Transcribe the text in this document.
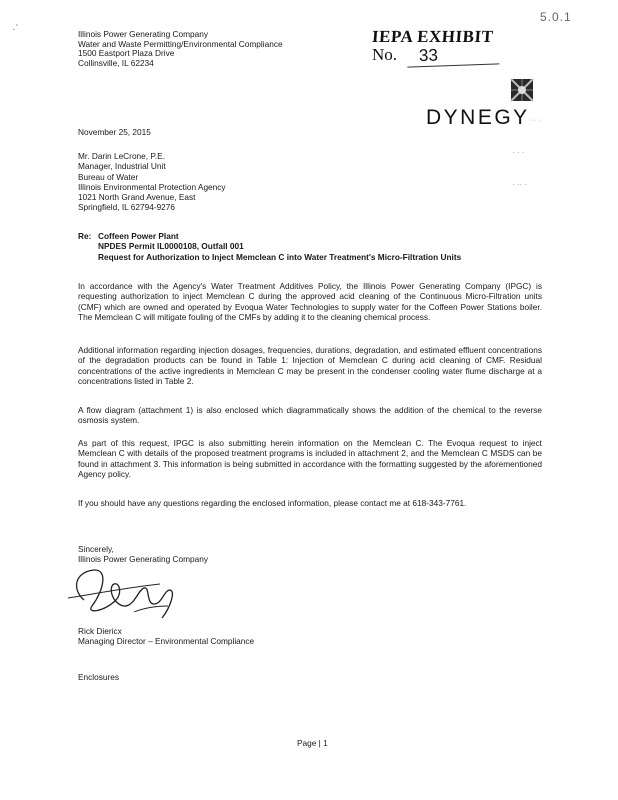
·`
5.0.1
Illinois Power Generating Company
Water and Waste Permitting/Environmental Compliance
1500 Eastport Plaza Drive
Collinsville, IL 62234
IEPA EXHIBIT
No. 33
DYNEGY ·· ·
· · ·
· ·· ·
November 25, 2015
Mr. Darin LeCrone, P.E.
Manager, Industrial Unit
Bureau of Water
Illinois Environmental Protection Agency
1021 North Grand Avenue, East
Springfield, IL 62794-9276
Re: Coffeen Power Plant
NPDES Permit IL0000108, Outfall 001
Request for Authorization to Inject Memclean C into Water Treatment's Micro-Filtration Units
In accordance with the Agency's Water Treatment Additives Policy, the Illinois Power Generating Company (IPGC) is requesting authorization to inject Memclean C during the approved acid cleaning of the Continuous Micro-Filtration units (CMF) which are owned and operated by Evoqua Water Technologies to supply water for the Coffeen Power Stations boiler. The Memclean C will mitigate fouling of the CMFs by adding it to the cleaning chemical process.
Additional information regarding injection dosages, frequencies, durations, degradation, and estimated effluent concentrations of the degradation products can be found in Table 1: Injection of Memclean C during acid cleaning of CMF. Residual concentrations of the active ingredients in Memclean C may be present in the condenser cooling water flume discharge at a concentrations listed in Table 2.
A flow diagram (attachment 1) is also enclosed which diagrammatically shows the addition of the chemical to the reverse osmosis system.
As part of this request, IPGC is also submitting herein information on the Memclean C. The Evoqua request to inject Memclean C with details of the proposed treatment programs is included in attachment 2, and the Memclean C MSDS can be found in attachment 3. This information is being submitted in accordance with the formatting suggested by the aforementioned Agency policy.
If you should have any questions regarding the enclosed information, please contact me at 618-343-7761.
Sincerely,
Illinois Power Generating Company
Rick Diericx
Managing Director – Environmental Compliance
Enclosures
Page | 1
